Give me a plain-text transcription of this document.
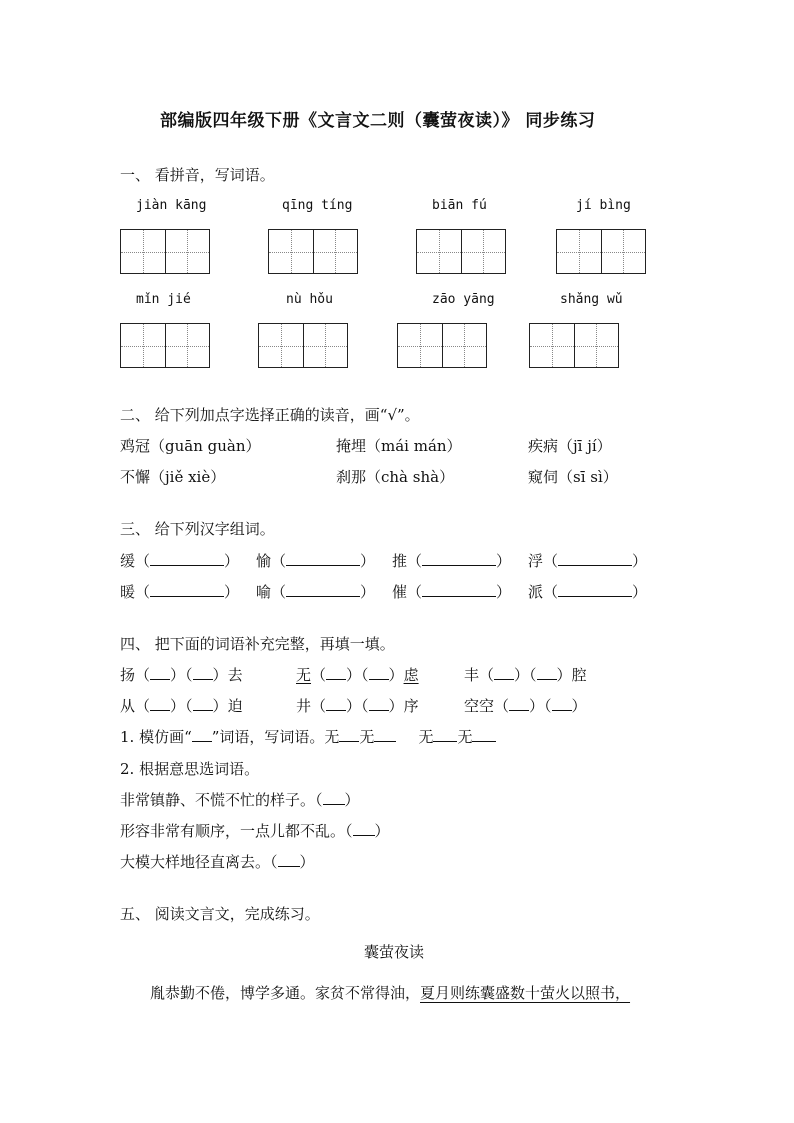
部编版四年级下册《文言文二则（囊萤夜读）》 同步练习
一、 看拼音，写词语。
jiàn kāng	qīng tíng	biān fú	jí bìng
mǐn jié	nù hǒu	zāo yāng	shǎng wǔ
二、 给下列加点字选择正确的读音，画“√”。
鸡冠（guān guàn）	掩埋（mái mán）	疾病（jī jí）
不懈（jiě xiè）	刹那（chà shà）	窥伺（sī sì）
三、 给下列汉字组词。
缓（	） 愉（	） 推（	） 浮（	）
暖（	） 喻（	） 催（	） 派（	）
四、 把下面的词语补充完整，再填一填。
扬（ ）（ ）去	无（ ）（ ）虑	丰（ ）（ ）腔
从（ ）（ ）迫	井（ ）（ ）序	空空（ ）（ ）
1. 模仿画“ ”词语，写词语。无 无	无 无
2. 根据意思选词语。
非常镇静、不慌不忙的样子。（ ）
形容非常有顺序，一点儿都不乱。（ ）
大模大样地径直离去。（ ）
五、 阅读文言文，完成练习。
囊萤夜读
胤恭勤不倦，博学多通。家贫不常得油，夏月则练囊盛数十萤火以照书，
